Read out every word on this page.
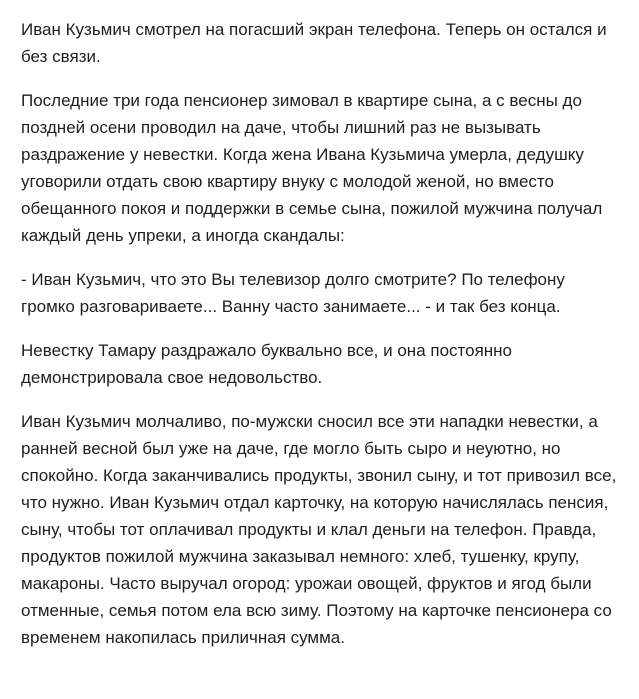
Иван Кузьмич смотрел на погасший экран телефона. Теперь он остался и без связи.

Последние три года пенсионер зимовал в квартире сына, а с весны до поздней осени проводил на даче, чтобы лишний раз не вызывать раздражение у невестки. Когда жена Ивана Кузьмича умерла, дедушку уговорили отдать свою квартиру внуку с молодой женой, но вместо обещанного покоя и поддержки в семье сына, пожилой мужчина получал каждый день упреки, а иногда скандалы:

- Иван Кузьмич, что это Вы телевизор долго смотрите? По телефону громко разговариваете... Ванну часто занимаете... - и так без конца.

Невестку Тамару раздражало буквально все, и она постоянно демонстрировала свое недовольство.

Иван Кузьмич молчаливо, по-мужски сносил все эти нападки невестки, а ранней весной был уже на даче, где могло быть сыро и неуютно, но спокойно. Когда заканчивались продукты, звонил сыну, и тот привозил все, что нужно. Иван Кузьмич отдал карточку, на которую начислялась пенсия, сыну, чтобы тот оплачивал продукты и клал деньги на телефон. Правда, продуктов пожилой мужчина заказывал немного: хлеб, тушенку, крупу, макароны. Часто выручал огород: урожаи овощей, фруктов и ягод были отменные, семья потом ела всю зиму. Поэтому на карточке пенсионера со временем накопилась приличная сумма.
